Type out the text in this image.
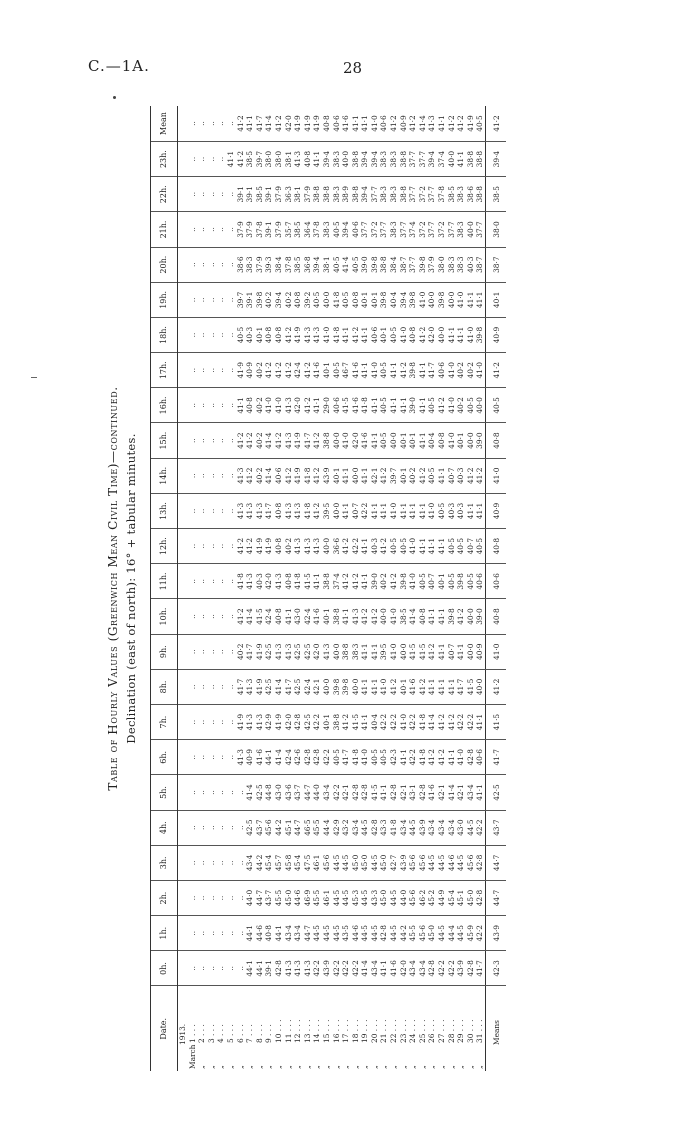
C.—1A.	28
Table of Hourly Values (Greenwich Mean Civil Time)—continued. Declination (east of north): 16° + tabular minutes.
Date.	0h.	1h.	2h.	3h.	4h.	5h.	6h.	7h.	8h.	9h.	10h.	11h.	12h.	13h.	14h.	15h.	16h.	17h.	18h.	19h.	20h.	21h.	22h.	23h.	Mean
1913.																									
March1 . . .	..	..	..	..	..	..	..	..	..	..	..	..	..	..	..	..	..	..	..	..	..	..	..	..	..
„2 . . .	..	..	..	..	..	..	..	..	..	..	..	..	..	..	..	..	..	..	..	..	..	..	..	..	..
„3 . . .	..	..	..	..	..	..	..	..	..	..	..	..	..	..	..	..	..	..	..	..	..	..	..	..	..
„4 . . .	..	..	..	..	..	..	..	..	..	..	..	..	..	..	..	..	..	..	..	..	..	..	..	..	..
„5 . . .	..	..	..	..	..	..	..	..	..	..	..	..	..	..	..	..	..	..	..	..	..	..	..	41·1	..
„6 . . .	..	..	..	..	..	..	41·3	41·9	41·7	40·2	41·2	41·8	41·2	41·3	41·3	41·2	41·1	41·9	40·5	39·7	38·6	37·9	39·1	41·2	41·2
„7 . . .	44·1	44·1	44·0	43·4	42·5	41·4	40·9	41·3	41·3	41·7	41·4	41·3	41·2	41·3	41·2	41·2	40·8	40·9	40·3	39·1	38·3	37·9	39·1	38·5	41·1
„8 . . .	44·1	44·6	44·7	44·2	43·7	42·5	41·6	41·3	41·9	41·9	41·5	40·3	41·9	41·3	40·2	40·2	40·2	40·2	40·1	39·8	37·9	37·8	38·5	39·7	41·7
„9 . . .	39·1	40·8	43·7	45·4	45·6	44·8	44·1	42·9	42·5	42·5	42·4	42·0	41·9	41·7	41·4	41·4	41·0	41·2	40·8	40·2	39·3	39·1	39·1	38·0	41·4
„10 . . .	42·8	44·1	45·5	45·7	44·2	43·0	41·4	41·9	41·4	41·3	40·8	41·3	40·8	40·8	40·6	41·2	41·0	41·2	40·8	39·4	38·4	37·9	37·9	38·0	41·2
„11 . . .	41·3	43·4	45·0	45·8	45·1	43·6	42·4	42·0	41·7	41·3	41·1	40·8	40·2	41·3	41·2	41·3	41·3	41·2	41·2	40·2	37·8	35·7	36·3	38·1	42·0
„12 . . .	41·3	43·4	44·6	45·4	44·7	43·7	42·6	42·8	42·5	42·5	43·0	41·8	41·3	41·3	41·9	41·9	42·0	42·4	41·9	40·8	38·5	38·5	38·1	41·3	41·9
„13 . . .	41·3	44·7	46·9	47·5	46·5	44·7	42·8	42·5	42·4	42·5	42·4	41·5	41·3	41·8	41·8	41·7	41·2	41·2	41·3	39·2	36·8	36·4	37·9	40·8	41·9
„14 . . .	42·2	44·5	45·5	46·1	45·5	44·0	42·8	42·2	42·1	42·0	41·6	41·1	41·3	41·2	41·2	41·2	41·1	41·6	41·3	40·5	39·4	37·8	38·8	41·1	41·9
„15 . . .	43·9	44·5	46·1	45·6	44·4	43·4	42·2	40·1	40·0	41·3	40·1	38·8	40·0	39·5	43·9	38·8	29·0	40·1	41·0	40·0	38·1	38·3	38·8	39·4	40·8
„16 . . .	42·2	44·5	44·5	44·5	42·9	42·2	40·5	38·8	39·8	40·0	38·8	37·4	36·6	40·0	40·1	40·0	40·6	40·5	41·8	41·8	40·5	40·5	38·3	38·3	40·6
„17 . . .	42·2	43·5	44·5	44·5	43·2	42·1	41·7	41·2	39·8	38·8	41·1	41·2	41·2	41·1	41·1	41·0	41·5	46·7	41·1	40·5	41·4	39·4	38·9	40·0	41·6
„18 . . .	42·2	44·6	45·3	45·0	43·4	42·8	41·8	41·5	40·0	38·3	41·3	41·2	42·2	40·7	40·0	42·0	41·6	41·6	41·2	40·8	40·5	40·6	38·8	38·8	41·1
„19 . . .	41·4	44·5	44·5	45·0	44·5	42·8	41·0	41·1	41·1	41·1	41·2	41·1	41·1	42·2	41·1	41·6	41·8	41·1	41·1	40·1	39·0	37·7	39·4	39·4	41·1
„20 . . .	43·4	44·5	43·3	44·5	42·8	41·5	40·5	40·4	41·1	41·1	41·2	39·0	40·3	41·1	42·1	41·1	41·1	41·0	40·6	40·1	39·8	37·2	37·7	39·4	41·0
„21 . . .	41·1	42·8	45·0	45·0	43·3	41·1	40·5	42·2	41·0	39·5	40·0	40·2	41·2	41·1	41·2	40·5	40·5	40·5	40·1	39·8	38·8	37·7	38·3	38·3	40·6
„22 . . .	41·6	44·5	44·5	42·7	41·8	42·8	42·3	42·2	41·2	41·0	41·0	41·2	40·5	41·0	39·7	40·0	41·1	41·1	40·5	40·4	38·4	38·3	38·3	38·3	41·2
„23 . . .	42·0	44·2	44·0	43·9	43·4	42·1	41·1	41·0	40·1	40·0	38·5	39·8	40·5	41·1	40·1	40·1	41·1	41·2	41·0	39·4	38·7	37·7	38·8	38·8	40·9
„24 . . .	43·4	45·5	45·6	45·6	44·5	43·1	42·2	42·2	41·6	41·5	41·4	41·0	41·0	41·1	40·2	40·1	39·0	39·8	40·8	39·8	37·7	37·4	37·7	37·7	41·2
„25 . . .	43·4	45·6	46·2	45·6	43·9	42·8	41·8	41·8	41·2	41·5	40·8	40·5	41·1	41·1	41·2	41·1	41·1	41·1	41·2	41·0	39·8	37·2	37·2	37·7	41·4
„26 . . .	42·8	45·0	45·2	44·5	43·4	41·6	41·2	41·4	41·1	41·2	41·1	40·7	41·1	41·0	40·5	40·4	40·5	41·7	42·0	40·0	37·9	37·7	37·7	39·4	41·3
„27 . . .	42·2	44·5	44·9	44·5	43·4	42·1	41·2	41·2	41·1	41·1	41·1	40·1	41·1	40·5	41·1	40·8	41·2	40·6	40·0	39·8	38·0	37·2	37·8	37·4	41·1
„28 . . .	42·2	44·4	45·4	44·6	43·4	41·4	41·1	41·2	41·1	40·7	39·8	40·5	40·5	40·3	40·7	41·0	41·0	41·0	41·1	40·0	38·3	37·7	38·5	40·0	41·2
„29 . . .	43·9	44·5	45·1	44·5	43·0	42·1	41·0	42·2	41·7	41·1	41·2	39·8	40·5	40·3	40·3	40·1	40·2	40·2	41·1	41·0	38·3	38·3	38·3	41·1	41·2
„30 . . .	42·8	45·9	45·0	45·6	44·5	43·4	42·8	42·2	41·5	40·0	40·0	40·5	40·7	41·1	41·2	40·0	40·5	40·2	41·0	41·1	40·3	40·0	38·6	38·8	41·9
„31 . . .	41·7	42·2	42·8	42·8	42·2	41·1	40·6	41·1	40·0	40·9	39·0	40·6	40·5	41·1	41·2	39·0	40·0	41·0	39·8	41·1	38·7	37·7	38·8	38·8	40·5
Means	42·3	43·9	44·7	44·7	43·7	42·5	41·7	41·5	41·2	41·0	40·8	40·6	40·8	40·9	41·0	40·8	40·5	41·2	40·9	40·1	38·7	38·0	38·5	39·4	41·2
